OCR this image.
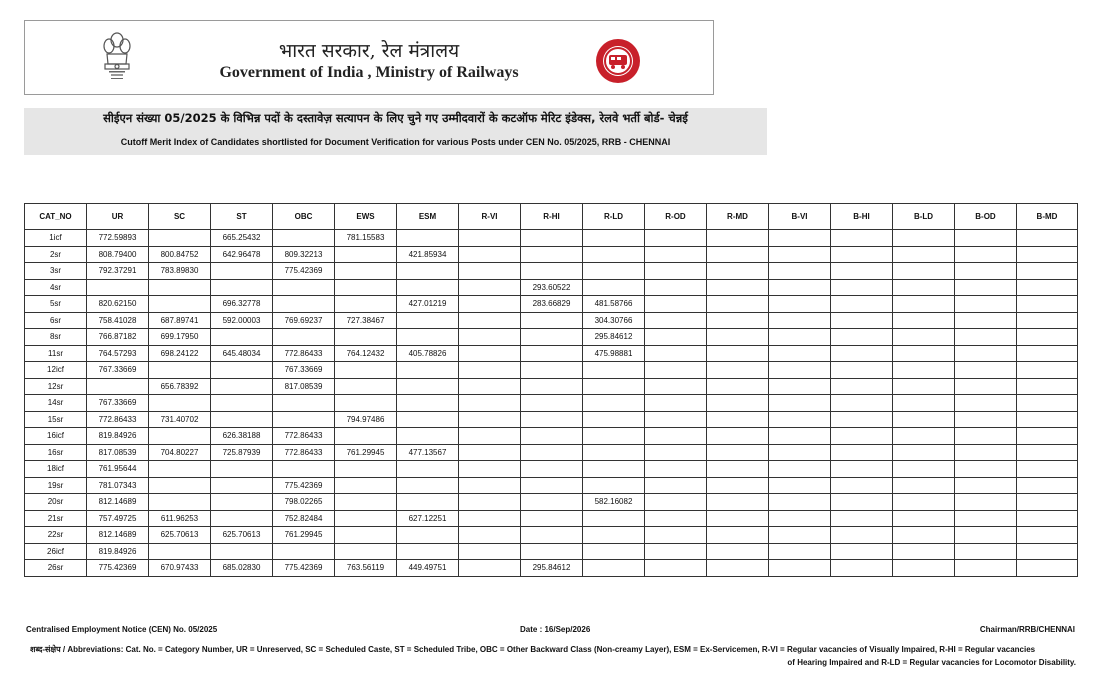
भारत सरकार, रेल मंत्रालय
Government of India , Ministry of Railways
सीईएन संख्या 05/2025 के विभिन्न पदों के दस्तावेज़ सत्यापन के लिए चुने गए उम्मीदवारों के कटऑफ मेरिट इंडेक्स, रेलवे भर्ती बोर्ड- चेन्नई
Cutoff Merit Index of Candidates shortlisted for Document Verification for various Posts under CEN No. 05/2025, RRB - CHENNAI
CAT_NO	UR	SC	ST	OBC	EWS	ESM	R-VI	R-HI	R-LD	R-OD	R-MD	B-VI	B-HI	B-LD	B-OD	B-MD
1icf	772.59893		665.25432		781.15583											
2sr	808.79400	800.84752	642.96478	809.32213		421.85934										
3sr	792.37291	783.89830		775.42369												
4sr								293.60522								
5sr	820.62150		696.32778			427.01219		283.66829	481.58766							
6sr	758.41028	687.89741	592.00003	769.69237	727.38467				304.30766							
8sr	766.87182	699.17950							295.84612							
11sr	764.57293	698.24122	645.48034	772.86433	764.12432	405.78826			475.98881							
12icf	767.33669			767.33669												
12sr		656.78392		817.08539												
14sr	767.33669															
15sr	772.86433	731.40702			794.97486											
16icf	819.84926		626.38188	772.86433												
16sr	817.08539	704.80227	725.87939	772.86433	761.29945	477.13567										
18icf	761.95644															
19sr	781.07343			775.42369												
20sr	812.14689			798.02265					582.16082							
21sr	757.49725	611.96253		752.82484		627.12251										
22sr	812.14689	625.70613	625.70613	761.29945												
26icf	819.84926															
26sr	775.42369	670.97433	685.02830	775.42369	763.56119	449.49751		295.84612								
Centralised Employment Notice (CEN) No. 05/2025	Date : 16/Sep/2026	Chairman/RRB/CHENNAI
शब्द-संक्षेप / Abbreviations: Cat. No. = Category Number, UR = Unreserved, SC = Scheduled Caste, ST = Scheduled Tribe, OBC = Other Backward Class (Non-creamy Layer), ESM = Ex-Servicemen, R-VI = Regular vacancies of Visually Impaired, R-HI = Regular vacancies
of Hearing Impaired and R-LD = Regular vacancies for Locomotor Disability.
